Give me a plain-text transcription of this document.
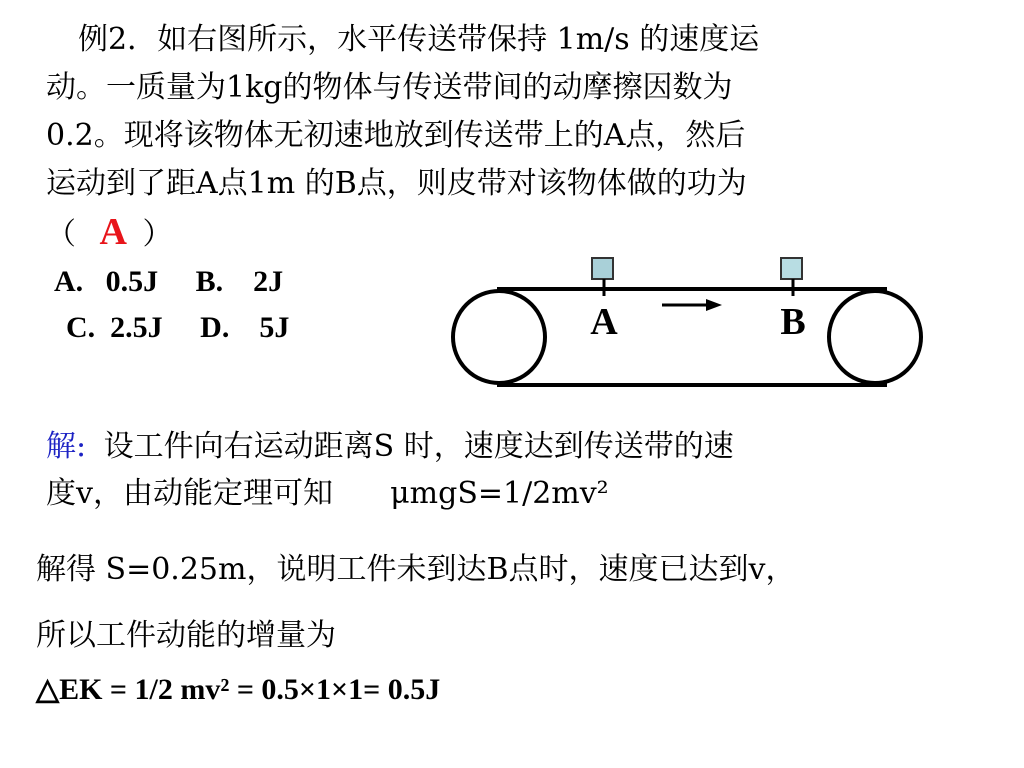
例2．如右图所示，水平传送带保持 1m/s 的速度运
动。一质量为1kg的物体与传送带间的动摩擦因数为
0.2。现将该物体无初速地放到传送带上的A点，然后
运动到了距A点1m 的B点，则皮带对该物体做的功为
（ A ）
A.   0.5J     B.    2J
C.  2.5J     D.    5J	A	B
解: 设工件向右运动距离S 时，速度达到传送带的速
度v，由动能定理可知      μmgS=1/2mv²
解得 S=0.25m，说明工件未到达B点时，速度已达到v，
所以工件动能的增量为
△EK = 1/2 mv² = 0.5×1×1= 0.5J
